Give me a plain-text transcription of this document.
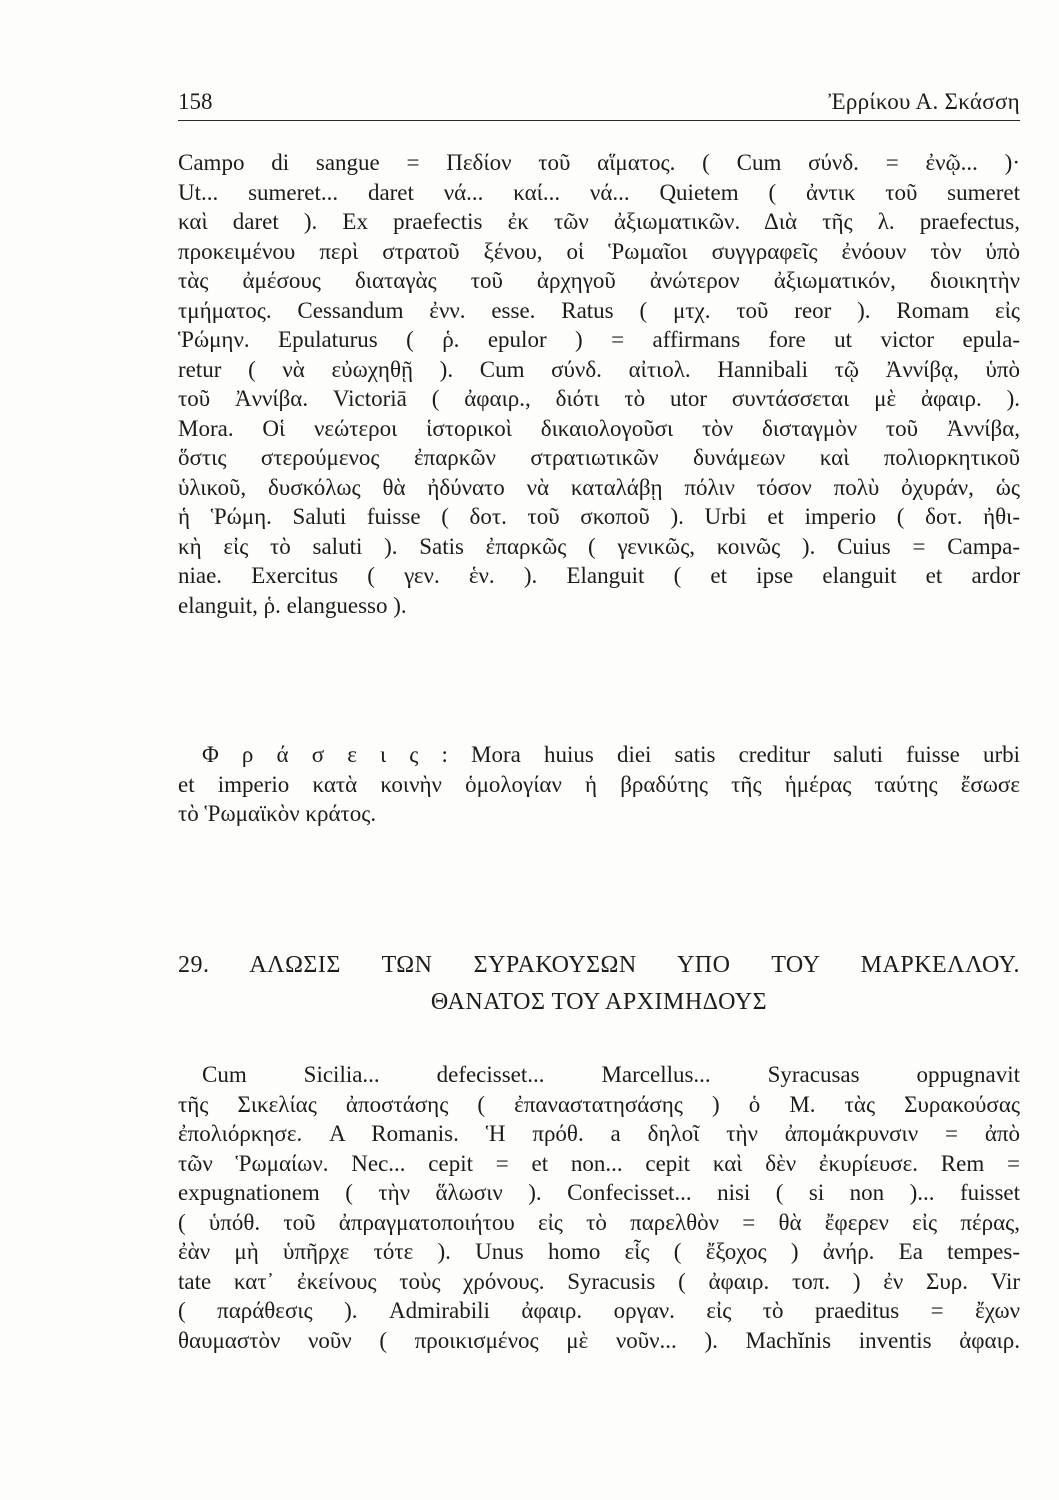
158	Ἐρρίκου Α. Σκάσση
Campo di sangue = Πεδίον τοῦ αἵματος. ( Cum σύνδ. = ἐνῷ... )·
Ut... sumeret... daret νά... καί... νά... Quietem ( ἀντικ τοῦ sumeret
καὶ daret ). Ex praefectis ἐκ τῶν ἀξιωματικῶν. Διὰ τῆς λ. praefectus,
προκειμένου περὶ στρατοῦ ξένου, οἱ Ῥωμαῖοι συγγραφεῖς ἐνόουν τὸν ὑπὸ
τὰς ἀμέσους διαταγὰς τοῦ ἀρχηγοῦ ἀνώτερον ἀξιωματικόν, διοικητὴν
τμήματος. Cessandum ἐνν. esse. Ratus ( μτχ. τοῦ reor ). Romam εἰς
Ῥώμην. Epulaturus ( ῥ. epulor ) = affirmans fore ut victor epula-
retur ( νὰ εὐωχηθῇ ). Cum σύνδ. αἰτιολ. Hannibali τῷ Ἀννίβᾳ, ὑπὸ
τοῦ Ἀννίβα. Victoriā ( ἀφαιρ., διότι τὸ utor συντάσσεται μὲ ἀφαιρ. ).
Mora. Οἱ νεώτεροι ἱστορικοὶ δικαιολογοῦσι τὸν δισταγμὸν τοῦ Ἀννίβα,
ὅστις στερούμενος ἐπαρκῶν στρατιωτικῶν δυνάμεων καὶ πολιορκητικοῦ
ὑλικοῦ, δυσκόλως θὰ ἠδύνατο νὰ καταλάβῃ πόλιν τόσον πολὺ ὀχυράν, ὡς
ἡ Ῥώμη. Saluti fuisse ( δοτ. τοῦ σκοποῦ ). Urbi et imperio ( δοτ. ἠθι-
κὴ εἰς τὸ saluti ). Satis ἐπαρκῶς ( γενικῶς, κοινῶς ). Cuius = Campa-
niae. Exercitus ( γεν. ἑν. ). Elanguit ( et ipse elanguit et ardor
elanguit, ῥ. elanguesso ).
Φ ρ ά σ ε ι ς : Mora huius diei satis creditur saluti fuisse urbi
et imperio κατὰ κοινὴν ὁμολογίαν ἡ βραδύτης τῆς ἡμέρας ταύτης ἔσωσε
τὸ Ῥωμαϊκὸν κράτος.
29. ΑΛΩΣΙΣ ΤΩΝ ΣΥΡΑΚΟΥΣΩΝ ΥΠΟ ΤΟΥ ΜΑΡΚΕΛΛΟΥ.
ΘΑΝΑΤΟΣ ΤΟΥ ΑΡΧΙΜΗΔΟΥΣ
Cum Sicilia... defecisset... Marcellus... Syracusas oppugnavit
τῆς Σικελίας ἀποστάσης ( ἐπαναστατησάσης ) ὁ Μ. τὰς Συρακούσας
ἐπολιόρκησε. A Romanis. Ἡ πρόθ. a δηλοῖ τὴν ἀπομάκρυνσιν = ἀπὸ
τῶν Ῥωμαίων. Nec... cepit = et non... cepit καὶ δὲν ἐκυρίευσε. Rem =
expugnationem ( τὴν ἅλωσιν ). Confecisset... nisi ( si non )... fuisset
( ὑπόθ. τοῦ ἀπραγματοποιήτου εἰς τὸ παρελθὸν = θὰ ἔφερεν εἰς πέρας,
ἐὰν μὴ ὑπῆρχε τότε ). Unus homo εἷς ( ἔξοχος ) ἀνήρ. Ea tempes-
tate κατ᾽ ἐκείνους τοὺς χρόνους. Syracusis ( ἀφαιρ. τοπ. ) ἐν Συρ. Vir
( παράθεσις ). Admirabili ἀφαιρ. οργαν. εἰς τὸ praeditus = ἔχων
θαυμαστὸν νοῦν ( προικισμένος μὲ νοῦν... ). Machĭnis inventis ἀφαιρ.
